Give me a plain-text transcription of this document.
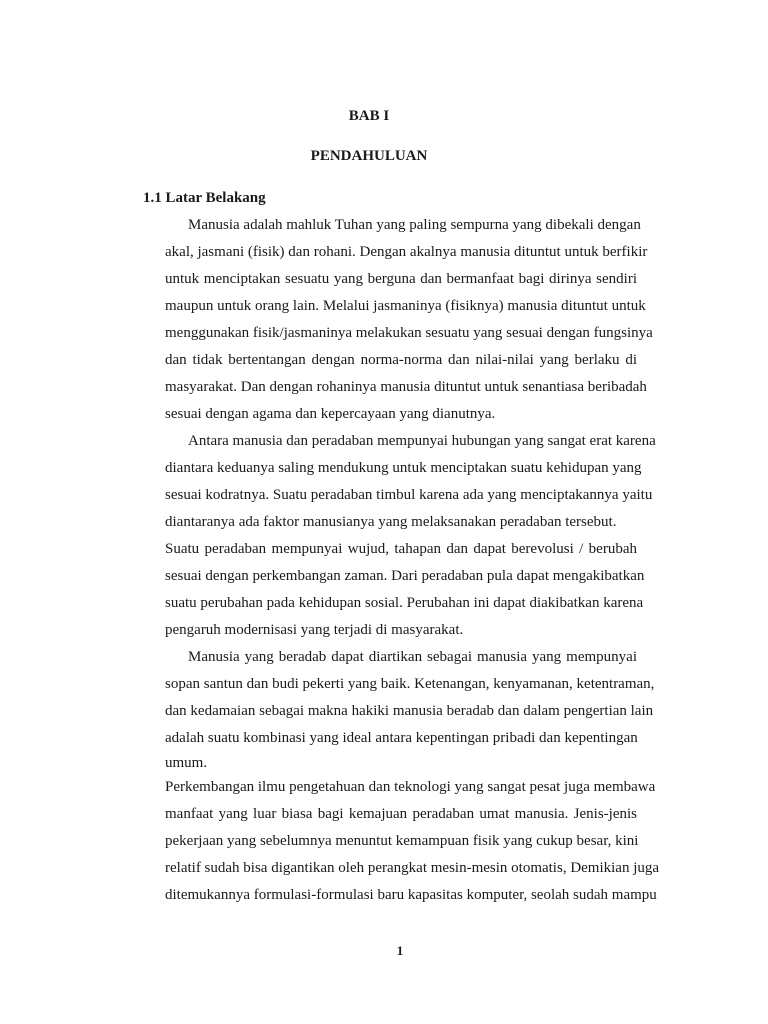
BAB I
PENDAHULUAN
1.1 Latar Belakang
Manusia adalah mahluk Tuhan yang paling sempurna yang dibekali dengan
akal, jasmani (fisik) dan rohani. Dengan akalnya manusia dituntut untuk berfikir
untuk menciptakan sesuatu yang berguna dan bermanfaat bagi dirinya sendiri
maupun untuk orang lain. Melalui jasmaninya (fisiknya) manusia dituntut untuk
menggunakan fisik/jasmaninya melakukan sesuatu yang sesuai dengan fungsinya
dan tidak bertentangan dengan norma-norma dan nilai-nilai yang berlaku di
masyarakat. Dan dengan rohaninya manusia dituntut untuk senantiasa beribadah
sesuai dengan agama dan kepercayaan yang dianutnya.
Antara manusia dan peradaban mempunyai hubungan yang sangat erat karena
diantara keduanya saling mendukung untuk menciptakan suatu kehidupan yang
sesuai kodratnya. Suatu peradaban timbul karena ada yang menciptakannya yaitu
diantaranya ada faktor manusianya yang melaksanakan peradaban tersebut.
Suatu peradaban mempunyai wujud, tahapan dan dapat berevolusi / berubah
sesuai dengan perkembangan zaman. Dari peradaban pula dapat mengakibatkan
suatu perubahan pada kehidupan sosial. Perubahan ini dapat diakibatkan karena
pengaruh modernisasi yang terjadi di masyarakat.
Manusia yang beradab dapat diartikan sebagai manusia yang mempunyai
sopan santun dan budi pekerti yang baik. Ketenangan, kenyamanan, ketentraman,
dan kedamaian sebagai makna hakiki manusia beradab dan dalam pengertian lain
adalah suatu kombinasi yang ideal antara kepentingan pribadi dan kepentingan
umum.
Perkembangan ilmu pengetahuan dan teknologi yang sangat pesat juga membawa
manfaat yang luar biasa bagi kemajuan peradaban umat manusia. Jenis-jenis
pekerjaan yang sebelumnya menuntut kemampuan fisik yang cukup besar, kini
relatif sudah bisa digantikan oleh perangkat mesin-mesin otomatis, Demikian juga
ditemukannya formulasi-formulasi baru kapasitas komputer, seolah sudah mampu
1
